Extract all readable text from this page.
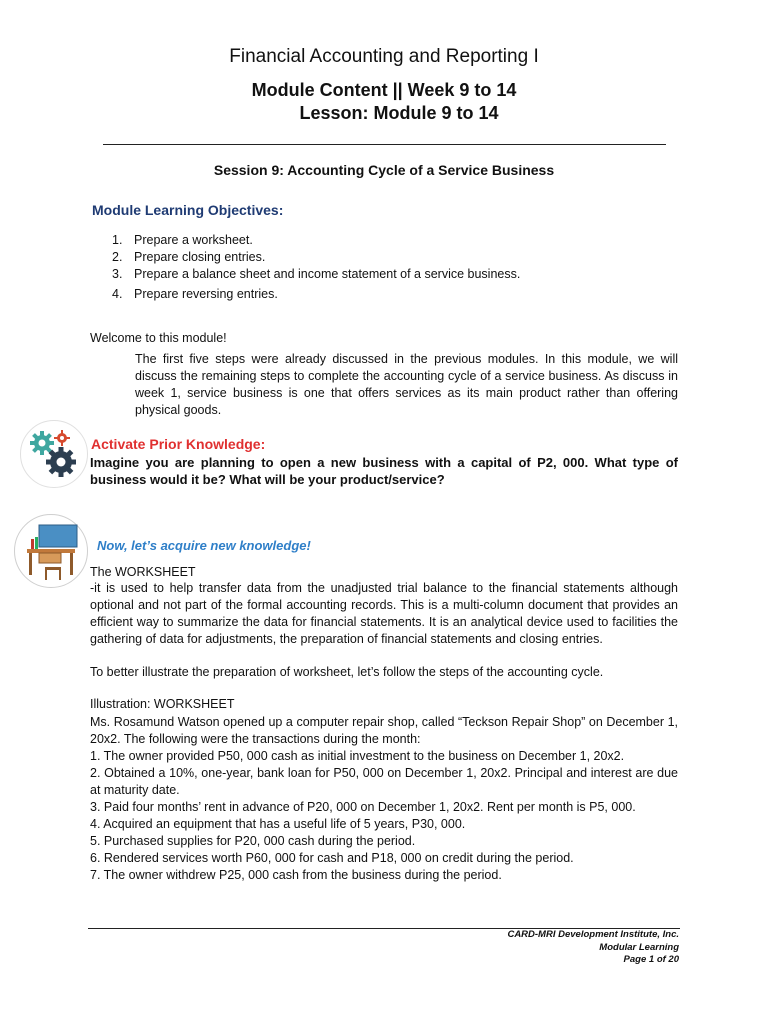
Financial Accounting and Reporting I
Module Content || Week 9 to 14
Lesson: Module 9 to 14
Session 9: Accounting Cycle of a Service Business
Module Learning Objectives:
1. Prepare a worksheet.
2. Prepare closing entries.
3. Prepare a balance sheet and income statement of a service business.
4. Prepare reversing entries.
Welcome to this module!
The first five steps were already discussed in the previous modules. In this module, we will discuss the remaining steps to complete the accounting cycle of a service business. As discuss in week 1, service business is one that offers services as its main product rather than offering physical goods.
Activate Prior Knowledge:
Imagine you are planning to open a new business with a capital of P2, 000. What type of business would it be? What will be your product/service?
Now, let’s acquire new knowledge!
The WORKSHEET
-it is used to help transfer data from the unadjusted trial balance to the financial statements although optional and not part of the formal accounting records. This is a multi-column document that provides an efficient way to summarize the data for financial statements. It is an analytical device used to facilities the gathering of data for adjustments, the preparation of financial statements and closing entries.
To better illustrate the preparation of worksheet, let’s follow the steps of the accounting cycle.
Illustration: WORKSHEET

Ms. Rosamund Watson opened up a computer repair shop, called “Teckson Repair Shop” on December 1, 20x2. The following were the transactions during the month:

1. The owner provided P50, 000 cash as initial investment to the business on December 1, 20x2.

2. Obtained a 10%, one-year, bank loan for P50, 000 on December 1, 20x2. Principal and interest are due at maturity date.

3. Paid four months’ rent in advance of P20, 000 on December 1, 20x2. Rent per month is P5, 000.

4. Acquired an equipment that has a useful life of 5 years, P30, 000.

5. Purchased supplies for P20, 000 cash during the period.

6. Rendered services worth P60, 000 for cash and P18, 000 on credit during the period.

7. The owner withdrew P25, 000 cash from the business during the period.

CARD-MRI Development Institute, Inc.
Modular Learning
Page 1 of 20
